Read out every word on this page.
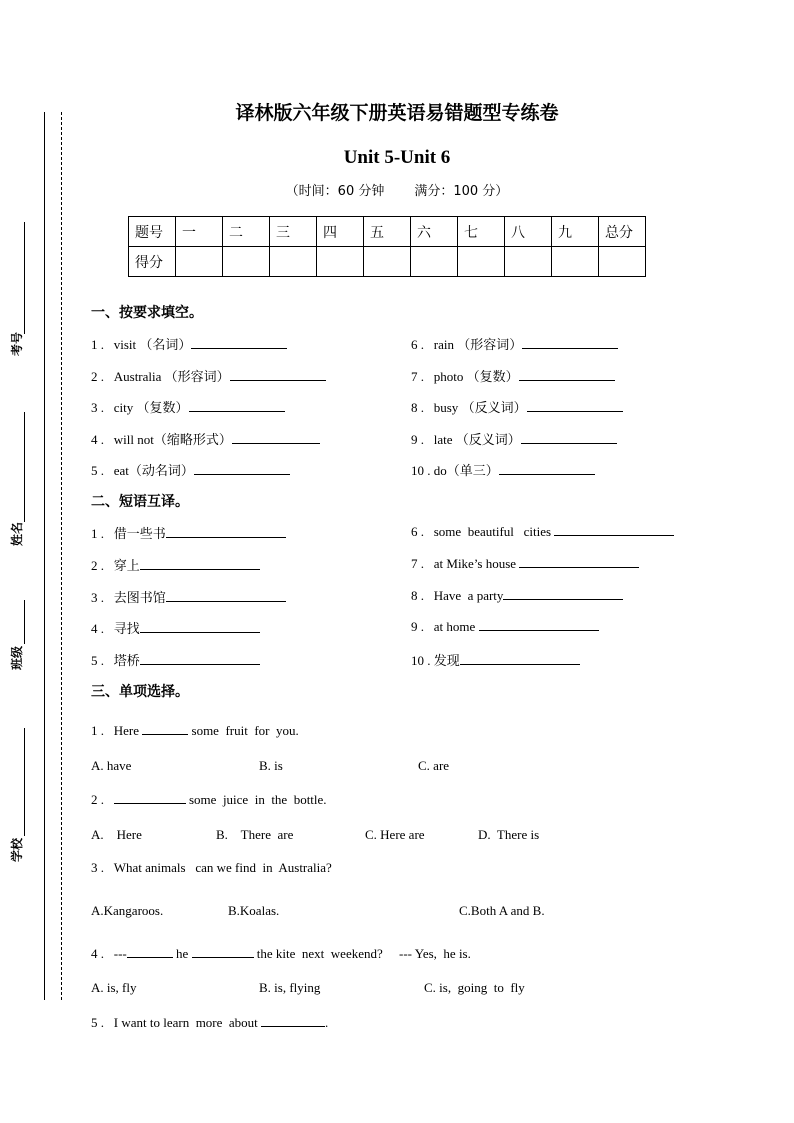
考号
姓名
班级
学校
译林版六年级下册英语易错题型专练卷
Unit 5-Unit 6
（时间：60 分钟 满分：100 分）
题号	一	二	三	四	五	六	七	八	九	总分
得分										
一、按要求填空。
1 . visit （名词）
2 . Australia （形容词）
3 . city （复数）
4 . will not（缩略形式）
5 . eat（动名词）
6 . rain （形容词）
7 . photo （复数）
8 . busy （反义词）
9 . late （反义词）
10 . do（单三）
二、短语互译。
1 . 借一些书
2 . 穿上
3 . 去图书馆
4 . 寻找
5 . 塔桥
6 . some  beautiful   cities
7 . at Mike’s house
8 . Have  a party
9 . at home
10 . 发现
三、单项选择。
1 . Here	some  fruit  for  you.
A. have	B. is	C. are
2 .	some  juice  in  the  bottle.
A.    Here	B.    There  are	C. Here are	D.  There is
3 . What animals   can we find  in  Australia?
A.Kangaroos.	B.Koalas.	C.Both A and B.
4 . ---	he	the kite  next  weekend?     --- Yes,  he is.
A. is, fly	B. is, flying	C. is,  going  to  fly
5 . I want to learn  more  about	.
